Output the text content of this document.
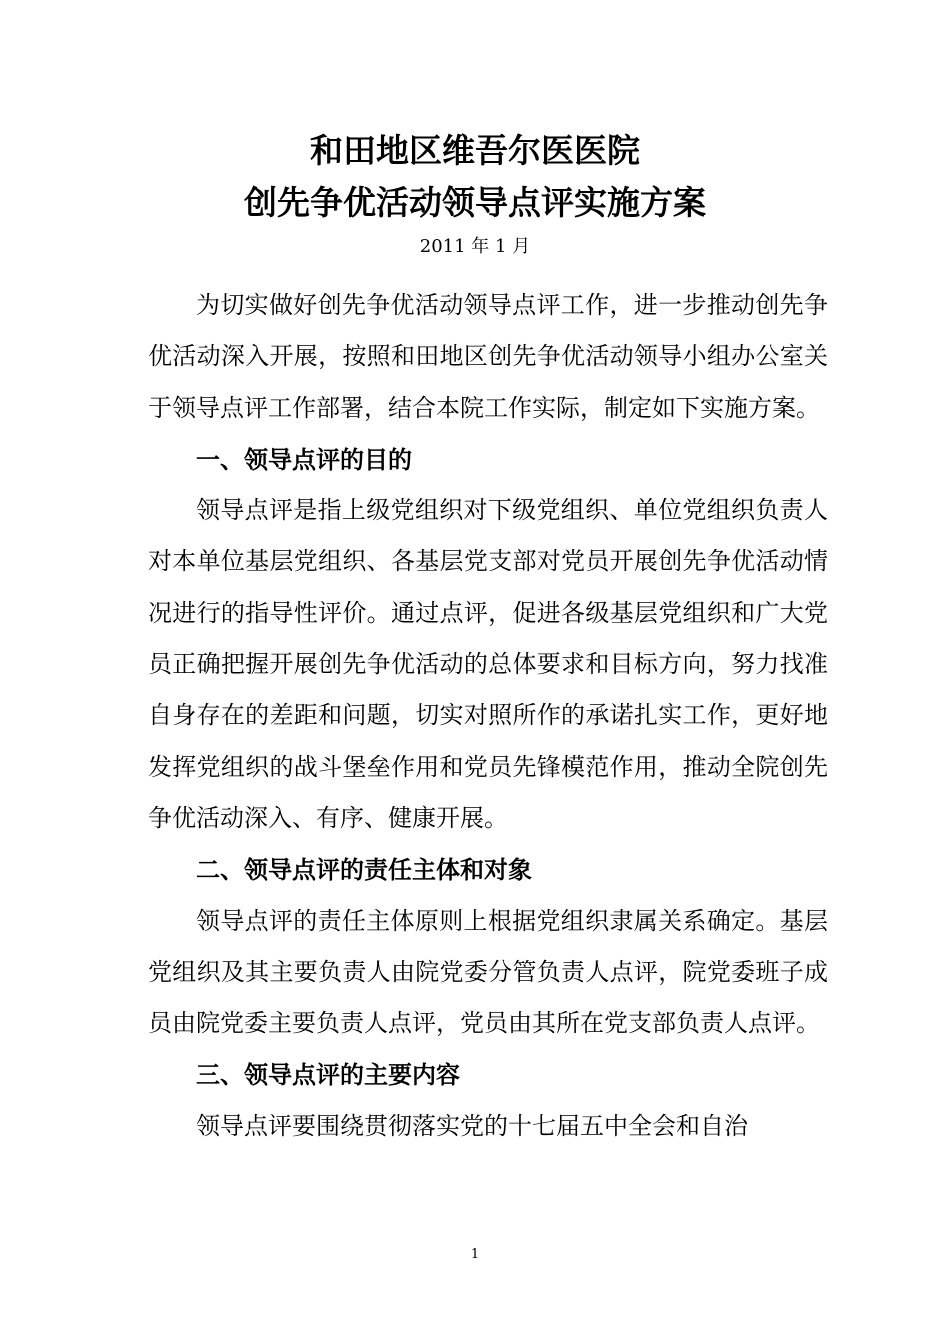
和田地区维吾尔医医院
创先争优活动领导点评实施方案
2011 年 1 月

为切实做好创先争优活动领导点评工作，进一步推动创先争优活动深入开展，按照和田地区创先争优活动领导小组办公室关于领导点评工作部署，结合本院工作实际，制定如下实施方案。

一、领导点评的目的

领导点评是指上级党组织对下级党组织、单位党组织负责人对本单位基层党组织、各基层党支部对党员开展创先争优活动情况进行的指导性评价。通过点评，促进各级基层党组织和广大党员正确把握开展创先争优活动的总体要求和目标方向，努力找准自身存在的差距和问题，切实对照所作的承诺扎实工作，更好地发挥党组织的战斗堡垒作用和党员先锋模范作用，推动全院创先争优活动深入、有序、健康开展。

二、领导点评的责任主体和对象

领导点评的责任主体原则上根据党组织隶属关系确定。基层党组织及其主要负责人由院党委分管负责人点评，院党委班子成员由院党委主要负责人点评，党员由其所在党支部负责人点评。

三、领导点评的主要内容

领导点评要围绕贯彻落实党的十七届五中全会和自治

1
